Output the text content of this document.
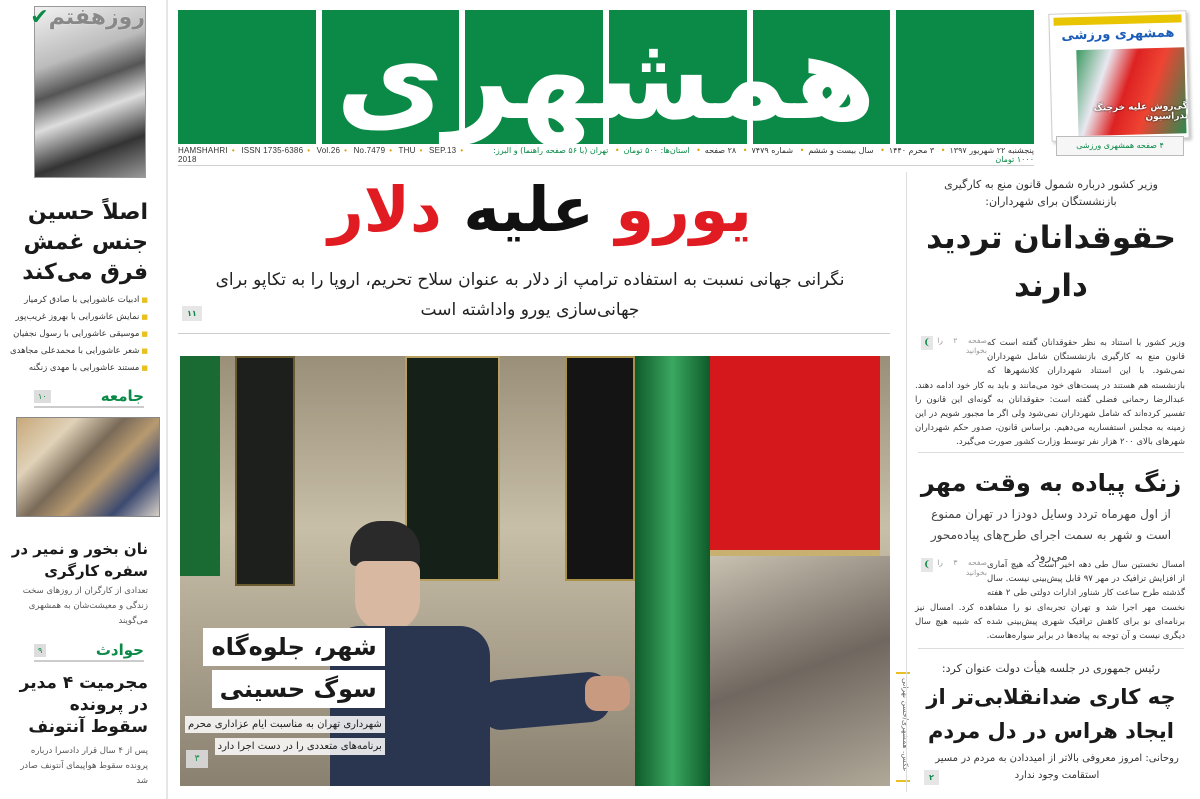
روزهفتم✔
اصلاً حسین جنس غمش فرق می‌کند
■ ادبیات عاشورایی با صادق کرمیار
■ نمایش عاشورایی با بهروز غریب‌پور
■ موسیقی عاشورایی با رسول نجفیان
■ شعر عاشورایی با محمدعلی مجاهدی
■ مستند عاشورایی با مهدی زنگنه
جامعه
۱۰
نان بخور و نمیر در سفره کارگری
تعدادی از کارگران از روزهای سخت زندگی و معیشت‌شان به همشهری می‌گویند
حوادث
۹
مجرمیت ۴ مدیر در پرونده سقوط آنتونف
پس از ۴ سال قرار دادسرا درباره پرونده سقوط هواپیمای آنتونف صادر شد
همشهری
HAMSHAHRI • ISSN 1735-6386 • Vol.26 • No.7479 • THU • SEP.13 • 2018
پنجشنبه ۲۲ شهریور ۱۳۹۷• ۳ محرم ۱۴۴۰• سال بیست و ششم• شماره ۷۴۷۹• ۲۸ صفحه• استان‌ها: ۵۰۰ تومان• تهران (با ۵۶ صفحه راهنما) و البرز: ۱۰۰۰ تومان
همشهری ورزشی
گی‌روش علیه خرچنگ ندراسیون
۴ صفحه همشهری ورزشی
یورو علیه دلار
نگرانی جهانی نسبت به استفاده ترامپ از دلار به عنوان سلاح تحریم، اروپا را به تکاپو برای جهانی‌سازی یورو واداشته است
۱۱
شهر، جلوه‌گاه
سوگ حسینی
شهرداری تهران به مناسبت ایام عزاداری محرم
برنامه‌های متعددی را در دست اجرا دارد
۳
وزیر کشور درباره شمول قانون منع به کارگیری بازنشستگان برای شهرداران:
حقوقدانان تردید دارند
❨ صفحه ۲ را بخوانید
وزیر کشور با استناد به نظر حقوقدانان گفته است که قانون منع به کارگیری بازنشستگان شامل شهرداران نمی‌شود. با این استناد شهرداران کلانشهرها که بازنشسته هم هستند در پست‌های خود می‌مانند و باید به کار خود ادامه دهند. عبدالرضا رحمانی فضلی گفته است: حقوقدانان به گونه‌ای این قانون را تفسیر کرده‌اند که شامل شهرداران نمی‌شود ولی اگر ما مجبور شویم در این زمینه به مجلس استفساریه می‌دهیم. براساس قانون، صدور حکم شهرداران شهرهای بالای ۲۰۰ هزار نفر توسط وزارت کشور صورت می‌گیرد.
زنگ پیاده به وقت مهر
از اول مهرماه تردد وسایل دودزا در تهران ممنوع است و شهر به سمت اجرای طرح‌های پیاده‌محور می‌رود
❨ صفحه ۳ را بخوانید
امسال نخستین سال طی دهه اخیر است که هیچ آماری از افزایش ترافیک در مهر ۹۷ قابل پیش‌بینی نیست. سال گذشته طرح ساعت کار شناور ادارات دولتی طی ۲ هفته نخست مهر اجرا شد و تهران تجربه‌ای نو را مشاهده کرد. امسال نیز برنامه‌ای نو برای کاهش ترافیک شهری پیش‌بینی شده که شبیه هیچ سال دیگری نیست و آن توجه به پیاده‌ها در برابر سواره‌هاست.
رئیس جمهوری در جلسه هیأت دولت عنوان کرد:
چه کاری ضدانقلابی‌تر از ایجاد هراس در دل مردم
روحانی: امروز معروفی بالاتر از امیددادن به مردم در مسیر استقامت وجود ندارد
۲
